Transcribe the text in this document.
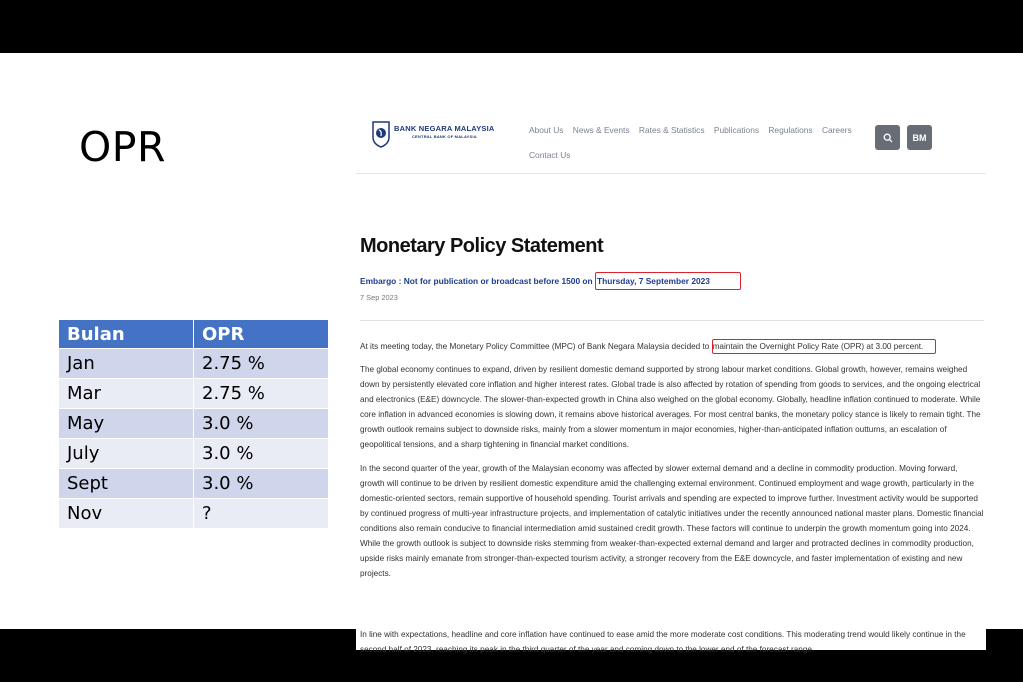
OPR
Bulan	OPR
Jan	2.75 %
Mar	2.75 %
May	3.0 %
July	3.0 %
Sept	3.0 %
Nov	?
BANK NEGARA MALAYSIA
CENTRAL BANK OF MALAYSIA
About Us News & Events Rates & Statistics Publications Regulations Careers
Contact Us
BM
Monetary Policy Statement
Embargo : Not for publication or broadcast before 1500 on Thursday, 7 September 2023
7 Sep 2023
At its meeting today, the Monetary Policy Committee (MPC) of Bank Negara Malaysia decided to maintain the Overnight Policy Rate (OPR) at 3.00 percent.
The global economy continues to expand, driven by resilient domestic demand supported by strong labour market conditions. Global growth, however, remains weighed down by persistently elevated core inflation and higher interest rates. Global trade is also affected by rotation of spending from goods to services, and the ongoing electrical and electronics (E&E) downcycle. The slower-than-expected growth in China also weighed on the global economy. Globally, headline inflation continued to moderate. While core inflation in advanced economies is slowing down, it remains above historical averages. For most central banks, the monetary policy stance is likely to remain tight. The growth outlook remains subject to downside risks, mainly from a slower momentum in major economies, higher-than-anticipated inflation outturns, an escalation of geopolitical tensions, and a sharp tightening in financial market conditions.
In the second quarter of the year, growth of the Malaysian economy was affected by slower external demand and a decline in commodity production. Moving forward, growth will continue to be driven by resilient domestic expenditure amid the challenging external environment. Continued employment and wage growth, particularly in the domestic-oriented sectors, remain supportive of household spending. Tourist arrivals and spending are expected to improve further. Investment activity would be supported by continued progress of multi-year infrastructure projects, and implementation of catalytic initiatives under the recently announced national master plans. Domestic financial conditions also remain conducive to financial intermediation amid sustained credit growth. These factors will continue to underpin the growth momentum going into 2024. While the growth outlook is subject to downside risks stemming from weaker-than-expected external demand and larger and protracted declines in commodity production, upside risks mainly emanate from stronger-than-expected tourism activity, a stronger recovery from the E&E downcycle, and faster implementation of existing and new projects.
In line with expectations, headline and core inflation have continued to ease amid the more moderate cost conditions. This moderating trend would likely continue in the second half of 2023, reaching its peak in the third quarter of the year and coming down to the lower end of the forecast range.
